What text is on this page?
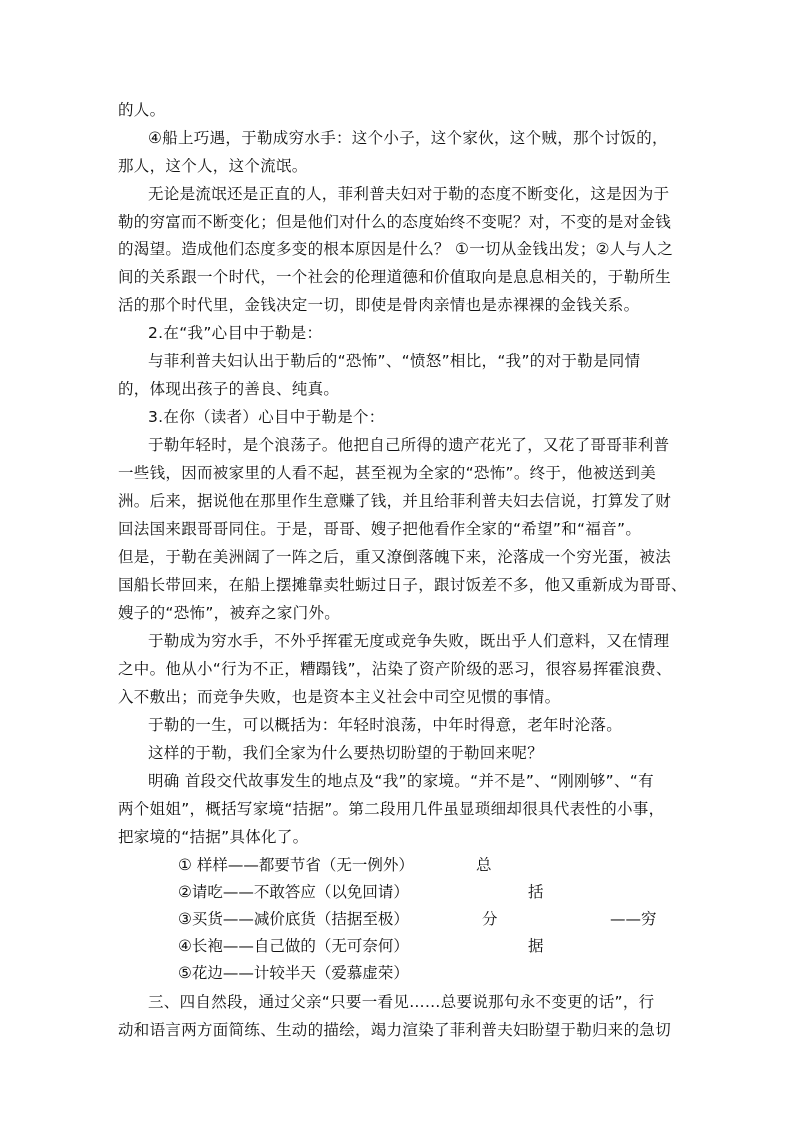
的人。
④船上巧遇，于勒成穷水手：这个小子，这个家伙，这个贼，那个讨饭的，
那人，这个人，这个流氓。
无论是流氓还是正直的人，菲利普夫妇对于勒的态度不断变化，这是因为于
勒的穷富而不断变化；但是他们对什么的态度始终不变呢？对，不变的是对金钱
的渴望。造成他们态度多变的根本原因是什么？ ①一切从金钱出发；②人与人之
间的关系跟一个时代，一个社会的伦理道德和价值取向是息息相关的，于勒所生
活的那个时代里，金钱决定一切，即使是骨肉亲情也是赤裸裸的金钱关系。
2.在“我”心目中于勒是：
与菲利普夫妇认出于勒后的“恐怖”、“愤怒”相比，“我”的对于勒是同情
的，体现出孩子的善良、纯真。
3.在你（读者）心目中于勒是个：
于勒年轻时，是个浪荡子。他把自己所得的遗产花光了，又花了哥哥菲利普
一些钱，因而被家里的人看不起，甚至视为全家的“恐怖”。终于，他被送到美
洲。后来，据说他在那里作生意赚了钱，并且给菲利普夫妇去信说，打算发了财
回法国来跟哥哥同住。于是，哥哥、嫂子把他看作全家的“希望”和“福音”。
但是，于勒在美洲阔了一阵之后，重又潦倒落魄下来，沦落成一个穷光蛋，被法
国船长带回来，在船上摆摊靠卖牡蛎过日子，跟讨饭差不多，他又重新成为哥哥、
嫂子的“恐怖”，被弃之家门外。
于勒成为穷水手，不外乎挥霍无度或竞争失败，既出乎人们意料，又在情理
之中。他从小“行为不正，糟蹋钱”，沾染了资产阶级的恶习，很容易挥霍浪费、
入不敷出；而竞争失败，也是资本主义社会中司空见惯的事情。
于勒的一生，可以概括为：年轻时浪荡，中年时得意，老年时沦落。
这样的于勒，我们全家为什么要热切盼望的于勒回来呢？
明确 首段交代故事发生的地点及“我”的家境。“并不是”、“刚刚够”、“有
两个姐姐”，概括写家境“拮据”。第二段用几件虽显琐细却很具代表性的小事，
把家境的“拮据”具体化了。
① 样样——都要节省（无一例外）
②请吃——不敢答应（以免回请）
③买货——减价底货（拮据至极）
④长袍——自己做的（无可奈何）
⑤花边——计较半天（爱慕虚荣）
总
括
分	——穷
据
三、四自然段，通过父亲“只要一看见……总要说那句永不变更的话”，行
动和语言两方面简练、生动的描绘，竭力渲染了菲利普夫妇盼望于勒归来的急切
